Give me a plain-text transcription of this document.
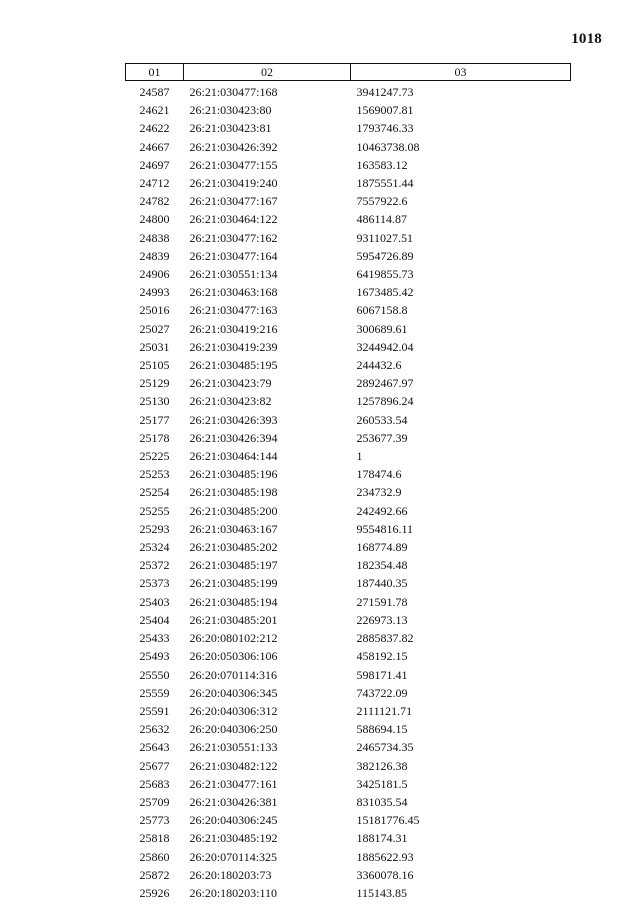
1018
01	02	03
24587	26:21:030477:168	3941247.73
24621	26:21:030423:80	1569007.81
24622	26:21:030423:81	1793746.33
24667	26:21:030426:392	10463738.08
24697	26:21:030477:155	163583.12
24712	26:21:030419:240	1875551.44
24782	26:21:030477:167	7557922.6
24800	26:21:030464:122	486114.87
24838	26:21:030477:162	9311027.51
24839	26:21:030477:164	5954726.89
24906	26:21:030551:134	6419855.73
24993	26:21:030463:168	1673485.42
25016	26:21:030477:163	6067158.8
25027	26:21:030419:216	300689.61
25031	26:21:030419:239	3244942.04
25105	26:21:030485:195	244432.6
25129	26:21:030423:79	2892467.97
25130	26:21:030423:82	1257896.24
25177	26:21:030426:393	260533.54
25178	26:21:030426:394	253677.39
25225	26:21:030464:144	1
25253	26:21:030485:196	178474.6
25254	26:21:030485:198	234732.9
25255	26:21:030485:200	242492.66
25293	26:21:030463:167	9554816.11
25324	26:21:030485:202	168774.89
25372	26:21:030485:197	182354.48
25373	26:21:030485:199	187440.35
25403	26:21:030485:194	271591.78
25404	26:21:030485:201	226973.13
25433	26:20:080102:212	2885837.82
25493	26:20:050306:106	458192.15
25550	26:20:070114:316	598171.41
25559	26:20:040306:345	743722.09
25591	26:20:040306:312	2111121.71
25632	26:20:040306:250	588694.15
25643	26:21:030551:133	2465734.35
25677	26:21:030482:122	382126.38
25683	26:21:030477:161	3425181.5
25709	26:21:030426:381	831035.54
25773	26:20:040306:245	15181776.45
25818	26:21:030485:192	188174.31
25860	26:20:070114:325	1885622.93
25872	26:20:180203:73	3360078.16
25926	26:20:180203:110	115143.85
